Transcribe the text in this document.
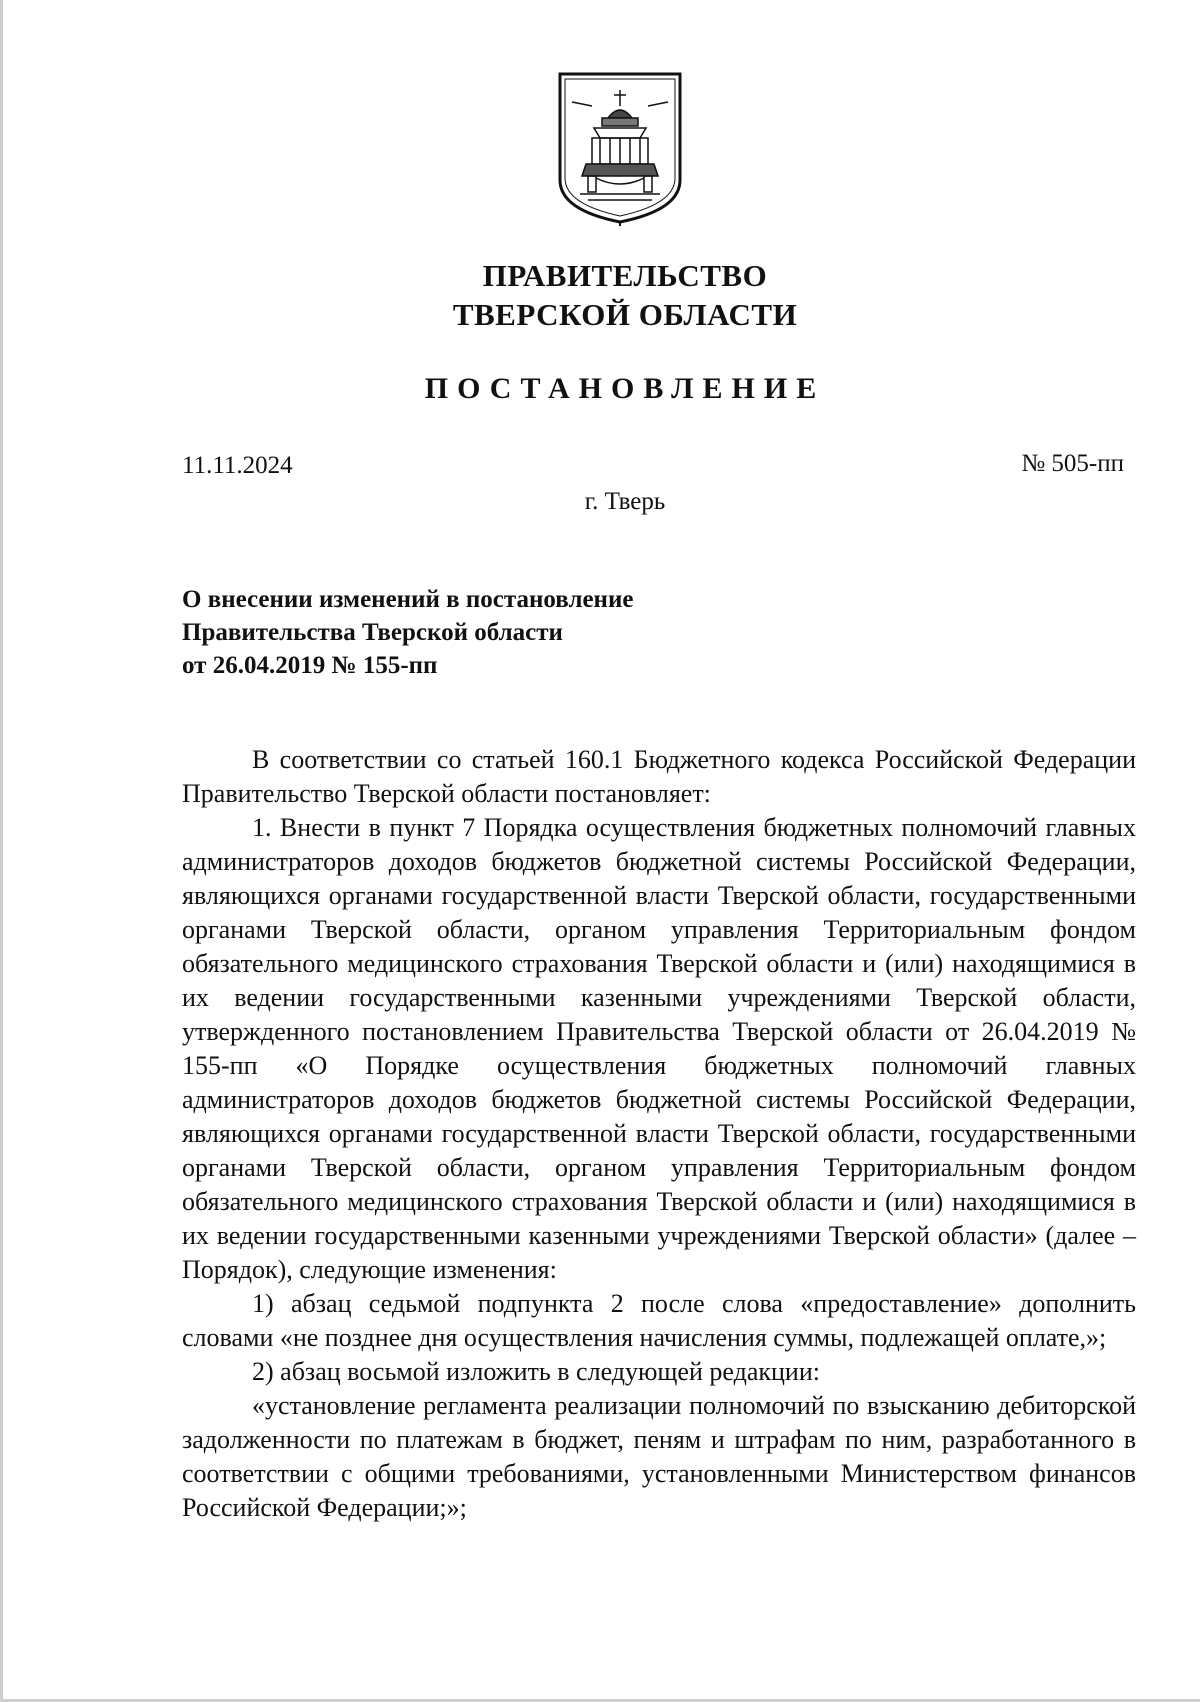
ПРАВИТЕЛЬСТВО
ТВЕРСКОЙ ОБЛАСТИ
ПОСТАНОВЛЕНИЕ
11.11.2024	№ 505-пп
г. Тверь
О внесении изменений в постановление
Правительства Тверской области
от 26.04.2019 № 155-пп

В соответствии со статьей 160.1 Бюджетного кодекса Российской Федерации Правительство Тверской области постановляет:

1. Внести в пункт 7 Порядка осуществления бюджетных полномочий главных администраторов доходов бюджетов бюджетной системы Российской Федерации, являющихся органами государственной власти Тверской области, государственными органами Тверской области, органом управления Территориальным фондом обязательного медицинского страхования Тверской области и (или) находящимися в их ведении государственными казенными учреждениями Тверской области, утвержденного постановлением Правительства Тверской области от 26.04.2019 № 155-пп «О Порядке осуществления бюджетных полномочий главных администраторов доходов бюджетов бюджетной системы Российской Федерации, являющихся органами государственной власти Тверской области, государственными органами Тверской области, органом управления Территориальным фондом обязательного медицинского страхования Тверской области и (или) находящимися в их ведении государственными казенными учреждениями Тверской области» (далее – Порядок), следующие изменения:

1) абзац седьмой подпункта 2 после слова «предоставление» дополнить словами «не позднее дня осуществления начисления суммы, подлежащей оплате,»;

2) абзац восьмой изложить в следующей редакции:

«установление регламента реализации полномочий по взысканию дебиторской задолженности по платежам в бюджет, пеням и штрафам по ним, разработанного в соответствии с общими требованиями, установленными Министерством финансов Российской Федерации;»;
